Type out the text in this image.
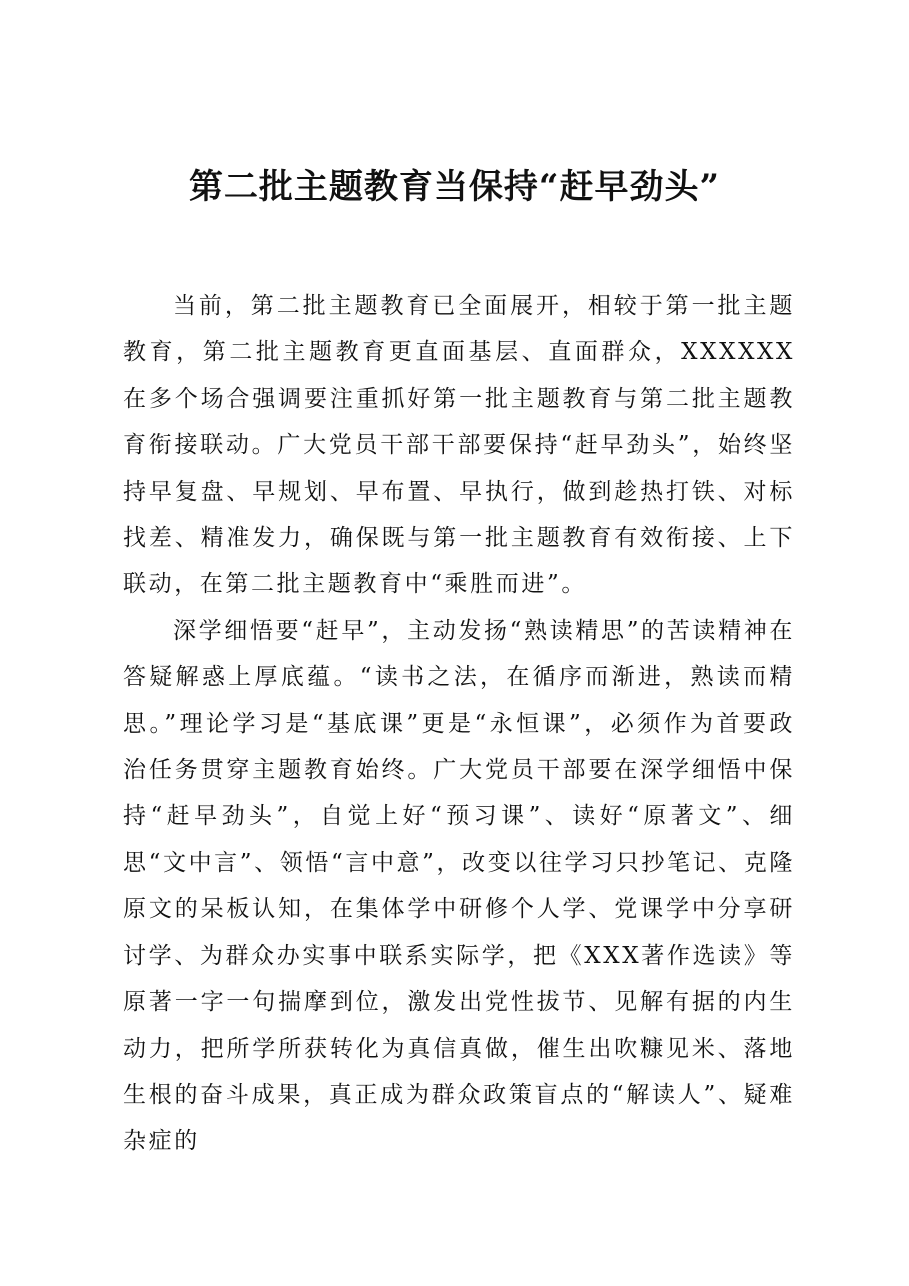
第二批主题教育当保持“赶早劲头”

当前，第二批主题教育已全面展开，相较于第一批主题教育，第二批主题教育更直面基层、直面群众，XXXXXX在多个场合强调要注重抓好第一批主题教育与第二批主题教育衔接联动。广大党员干部干部要保持“赶早劲头”，始终坚持早复盘、早规划、早布置、早执行，做到趁热打铁、对标找差、精准发力，确保既与第一批主题教育有效衔接、上下联动，在第二批主题教育中“乘胜而进”。

深学细悟要“赶早”，主动发扬“熟读精思”的苦读精神在答疑解惑上厚底蕴。“读书之法，在循序而渐进，熟读而精思。”理论学习是“基底课”更是“永恒课”，必须作为首要政治任务贯穿主题教育始终。广大党员干部要在深学细悟中保持“赶早劲头”，自觉上好“预习课”、读好“原著文”、细思“文中言”、领悟“言中意”，改变以往学习只抄笔记、克隆原文的呆板认知，在集体学中研修个人学、党课学中分享研讨学、为群众办实事中联系实际学，把《XXX著作选读》等原著一字一句揣摩到位，激发出党性拔节、见解有据的内生动力，把所学所获转化为真信真做，催生出吹糠见米、落地生根的奋斗成果，真正成为群众政策盲点的“解读人”、疑难杂症的
